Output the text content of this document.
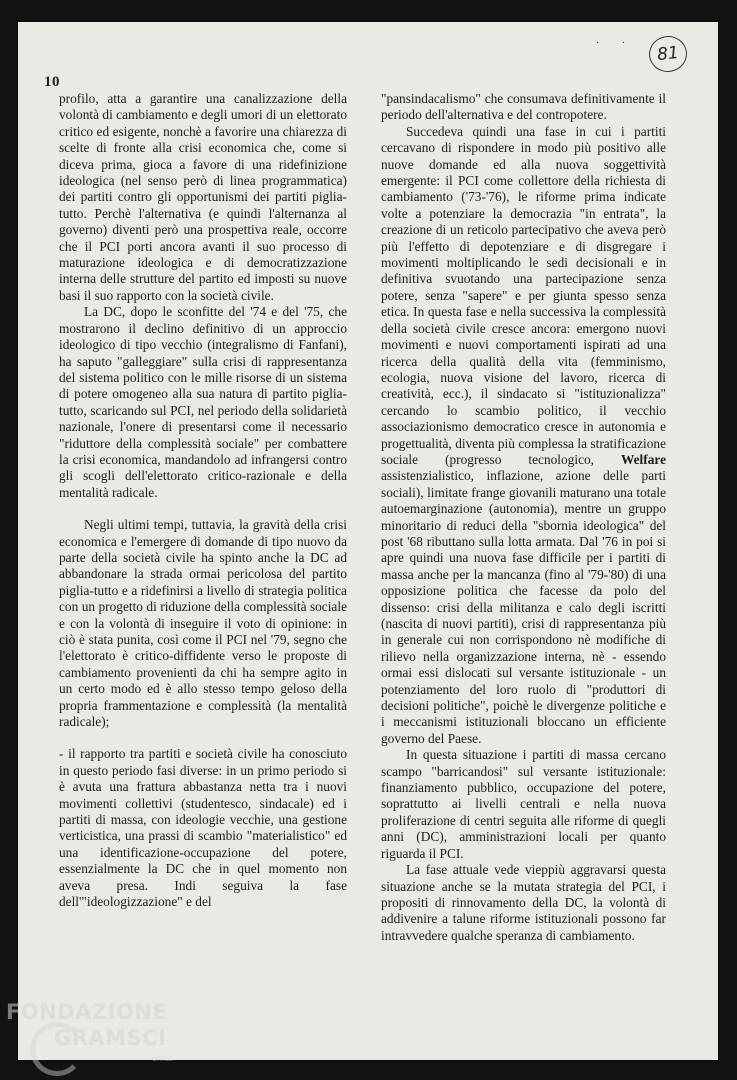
10
· ·	81

profilo, atta a garantire una canalizzazione della volontà di cambiamento e degli umori di un elettorato critico ed esigente, nonchè a favorire una chiarezza di scelte di fronte alla crisi economica che, come si diceva prima, gioca a favore di una ridefinizione ideologica (nel senso però di linea programmatica) dei partiti contro gli opportunismi dei partiti piglia-tutto. Perchè l'alternativa (e quindi l'alternanza al governo) diventi però una prospettiva reale, occorre che il PCI porti ancora avanti il suo processo di maturazione ideologica e di democratizzazione interna delle strutture del partito ed imposti su nuove basi il suo rapporto con la società civile.

La DC, dopo le sconfitte del '74 e del '75, che mostrarono il declino definitivo di un approccio ideologico di tipo vecchio (integralismo di Fanfani), ha saputo "galleggiare" sulla crisi di rappresentanza del sistema politico con le mille risorse di un sistema di potere omogeneo alla sua natura di partito piglia-tutto, scaricando sul PCI, nel periodo della solidarietà nazionale, l'onere di presentarsi come il necessario "riduttore della complessità sociale" per combattere la crisi economica, mandandolo ad infrangersi contro gli scogli dell'elettorato critico-razionale e della mentalità radicale.

Negli ultimi tempi, tuttavia, la gravità della crisi economica e l'emergere di domande di tipo nuovo da parte della società civile ha spinto anche la DC ad abbandonare la strada ormai pericolosa del partito piglia-tutto e a ridefinirsi a livello di strategia politica con un progetto di riduzione della complessità sociale e con la volontà di inseguire il voto di opinione: in ciò è stata punita, così come il PCI nel '79, segno che l'elettorato è critico-diffidente verso le proposte di cambiamento provenienti da chi ha sempre agito in un certo modo ed è allo stesso tempo geloso della propria frammentazione e complessità (la mentalità radicale);

- il rapporto tra partiti e società civile ha conosciuto in questo periodo fasi diverse: in un primo periodo si è avuta una frattura abbastanza netta tra i nuovi movimenti collettivi (studentesco, sindacale) ed i partiti di massa, con ideologie vecchie, una gestione verticistica, una prassi di scambio "materialistico" ed una identificazione-occupazione del potere, essenzialmente la DC che in quel momento non aveva presa. Indi seguiva la fase dell'"ideologizzazione" e del

"pansindacalismo" che consumava definitivamente il periodo dell'alternativa e del contropotere.

Succedeva quindi una fase in cui i partiti cercavano di rispondere in modo più positivo alle nuove domande ed alla nuova soggettività emergente: il PCI come collettore della richiesta di cambiamento ('73-'76), le riforme prima indicate volte a potenziare la democrazia "in entrata", la creazione di un reticolo partecipativo che aveva però più l'effetto di depotenziare e di disgregare i movimenti moltiplicando le sedi decisionali e in definitiva svuotando una partecipazione senza potere, senza "sapere" e per giunta spesso senza etica. In questa fase e nella successiva la complessità della società civile cresce ancora: emergono nuovi movimenti e nuovi comportamenti ispirati ad una ricerca della qualità della vita (femminismo, ecologia, nuova visione del lavoro, ricerca di creatività, ecc.), il sindacato si "istituzionalizza" cercando lo scambio politico, il vecchio associazionismo democratico cresce in autonomia e progettualità, diventa più complessa la stratificazione sociale (progresso tecnologico, Welfare assistenzialistico, inflazione, azione delle parti sociali), limitate frange giovanili maturano una totale autoemarginazione (autonomia), mentre un gruppo minoritario di reduci della "sbornia ideologica" del post '68 ributtano sulla lotta armata. Dal '76 in poi si apre quindi una nuova fase difficile per i partiti di massa anche per la mancanza (fino al '79-'80) di una opposizione politica che facesse da polo del dissenso: crisi della militanza e calo degli iscritti (nascita di nuovi partiti), crisi di rappresentanza più in generale cui non corrispondono nè modifiche di rilievo nella organizzazione interna, nè - essendo ormai essi dislocati sul versante istituzionale - un potenziamento del loro ruolo di "produttori di decisioni politiche", poichè le divergenze politiche e i meccanismi istituzionali bloccano un efficiente governo del Paese.

In questa situazione i partiti di massa cercano scampo "barricandosi" sul versante istituzionale: finanziamento pubblico, occupazione del potere, soprattutto ai livelli centrali e nella nuova proliferazione di centri seguita alle riforme di quegli anni (DC), amministrazioni locali per quanto riguarda il PCI.

La fase attuale vede vieppiù aggravarsi questa situazione anche se la mutata strategia del PCI, i propositi di rinnovamento della DC, la volontà di addivenire a talune riforme istituzionali possono far intravvedere qualche speranza di cambiamento.

FONDAZIONE
GRAMSCI
onlus
